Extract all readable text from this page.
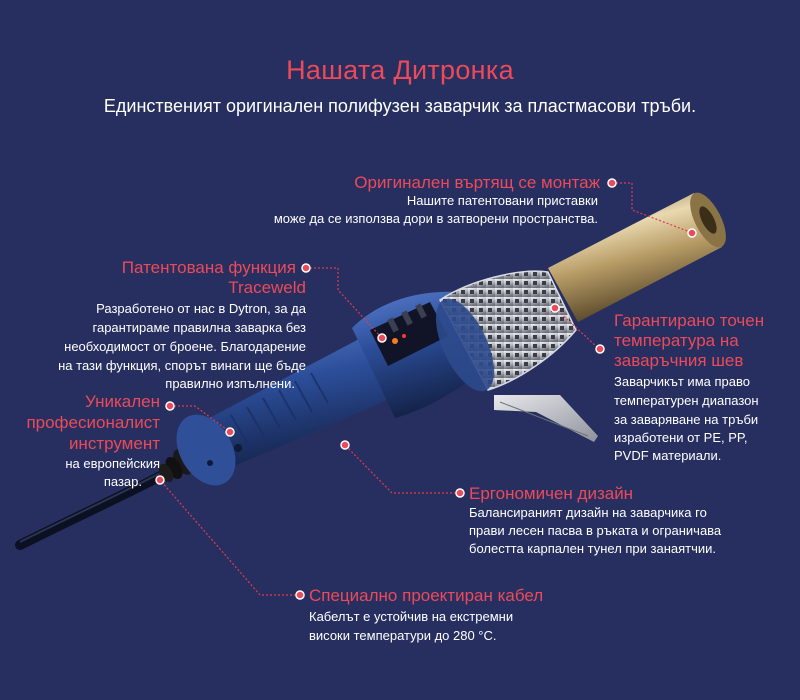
Нашата Дитронка
Единственият оригинален полифузен заварчик за пластмасови тръби.
Оригинален въртящ се монтаж
Нашите патентовани приставки
може да се използва дори в затворени пространства.
Патентована функция
Traceweld
Разработено от нас в Dytron, за да
гарантираме правилна заварка без
необходимост от броене. Благодарение
на тази функция, спорът винаги ще бъде
правилно изпълнени.
Уникален
професионалист
инструмент
на европейския
пазар.
Гарантирано точен
температура на
заваръчния шев
Заварчикът има право
температурен диапазон
за заваряване на тръби
изработени от PE, PP,
PVDF материали.
Ергономичен дизайн
Балансираният дизайн на заварчика го
прави лесен пасва в ръката и ограничава
болестта карпален тунел при занаятчии.
Специално проектиран кабел
Кабелът е устойчив на екстремни
високи температури до 280 °C.
